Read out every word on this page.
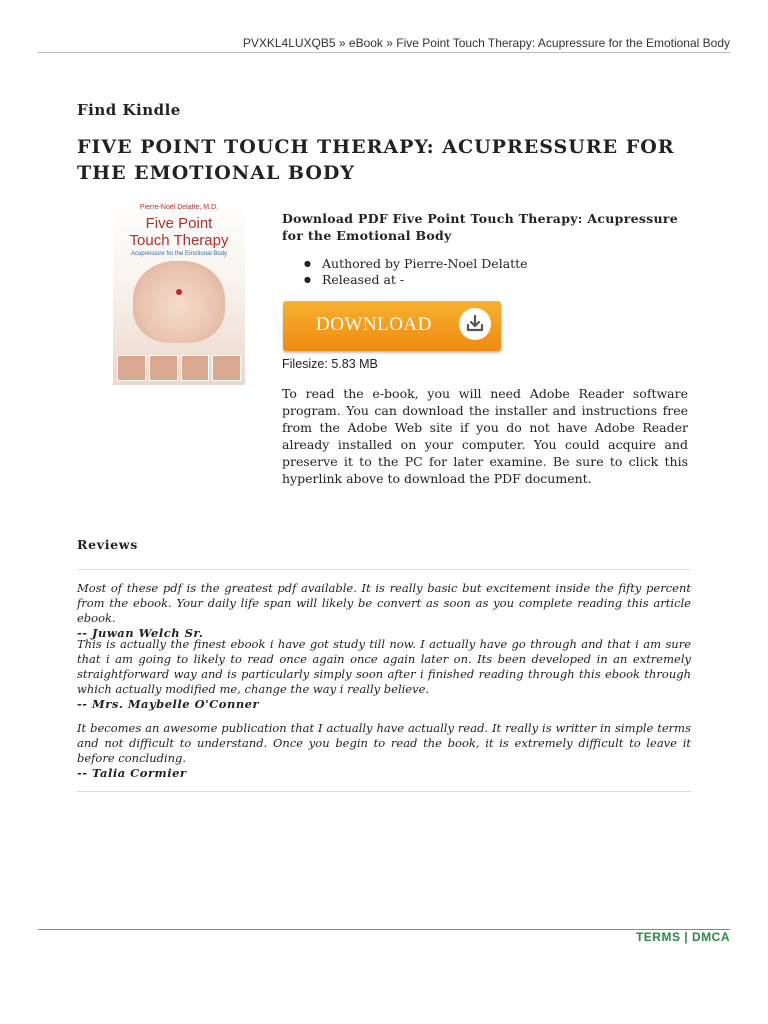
PVXKL4LUXQB5 » eBook » Five Point Touch Therapy: Acupressure for the Emotional Body
Find Kindle
FIVE POINT TOUCH THERAPY: ACUPRESSURE FOR THE EMOTIONAL BODY
Pierre-Noël Delatte, M.D.
Five Point
Touch Therapy
Acupressure for the Emotional Body
Download PDF Five Point Touch Therapy: Acupressure for the Emotional Body
● Authored by Pierre-Noel Delatte
● Released at -
DOWNLOAD
Filesize: 5.83 MB

To read the e-book, you will need Adobe Reader software program. You can download the installer and instructions free from the Adobe Web site if you do not have Adobe Reader already installed on your computer. You could acquire and preserve it to the PC for later examine. Be sure to click this hyperlink above to download the PDF document.

Reviews

Most of these pdf is the greatest pdf available. It is really basic but excitement inside the fifty percent from the ebook. Your daily life span will likely be convert as soon as you complete reading this article ebook.

-- Juwan Welch Sr.

This is actually the finest ebook i have got study till now. I actually have go through and that i am sure that i am going to likely to read once again once again later on. Its been developed in an extremely straightforward way and is particularly simply soon after i finished reading through this ebook through which actually modified me, change the way i really believe.

-- Mrs. Maybelle O'Conner

It becomes an awesome publication that I actually have actually read. It really is writter in simple terms and not difficult to understand. Once you begin to read the book, it is extremely difficult to leave it before concluding.

-- Talia Cormier
TERMS | DMCA
